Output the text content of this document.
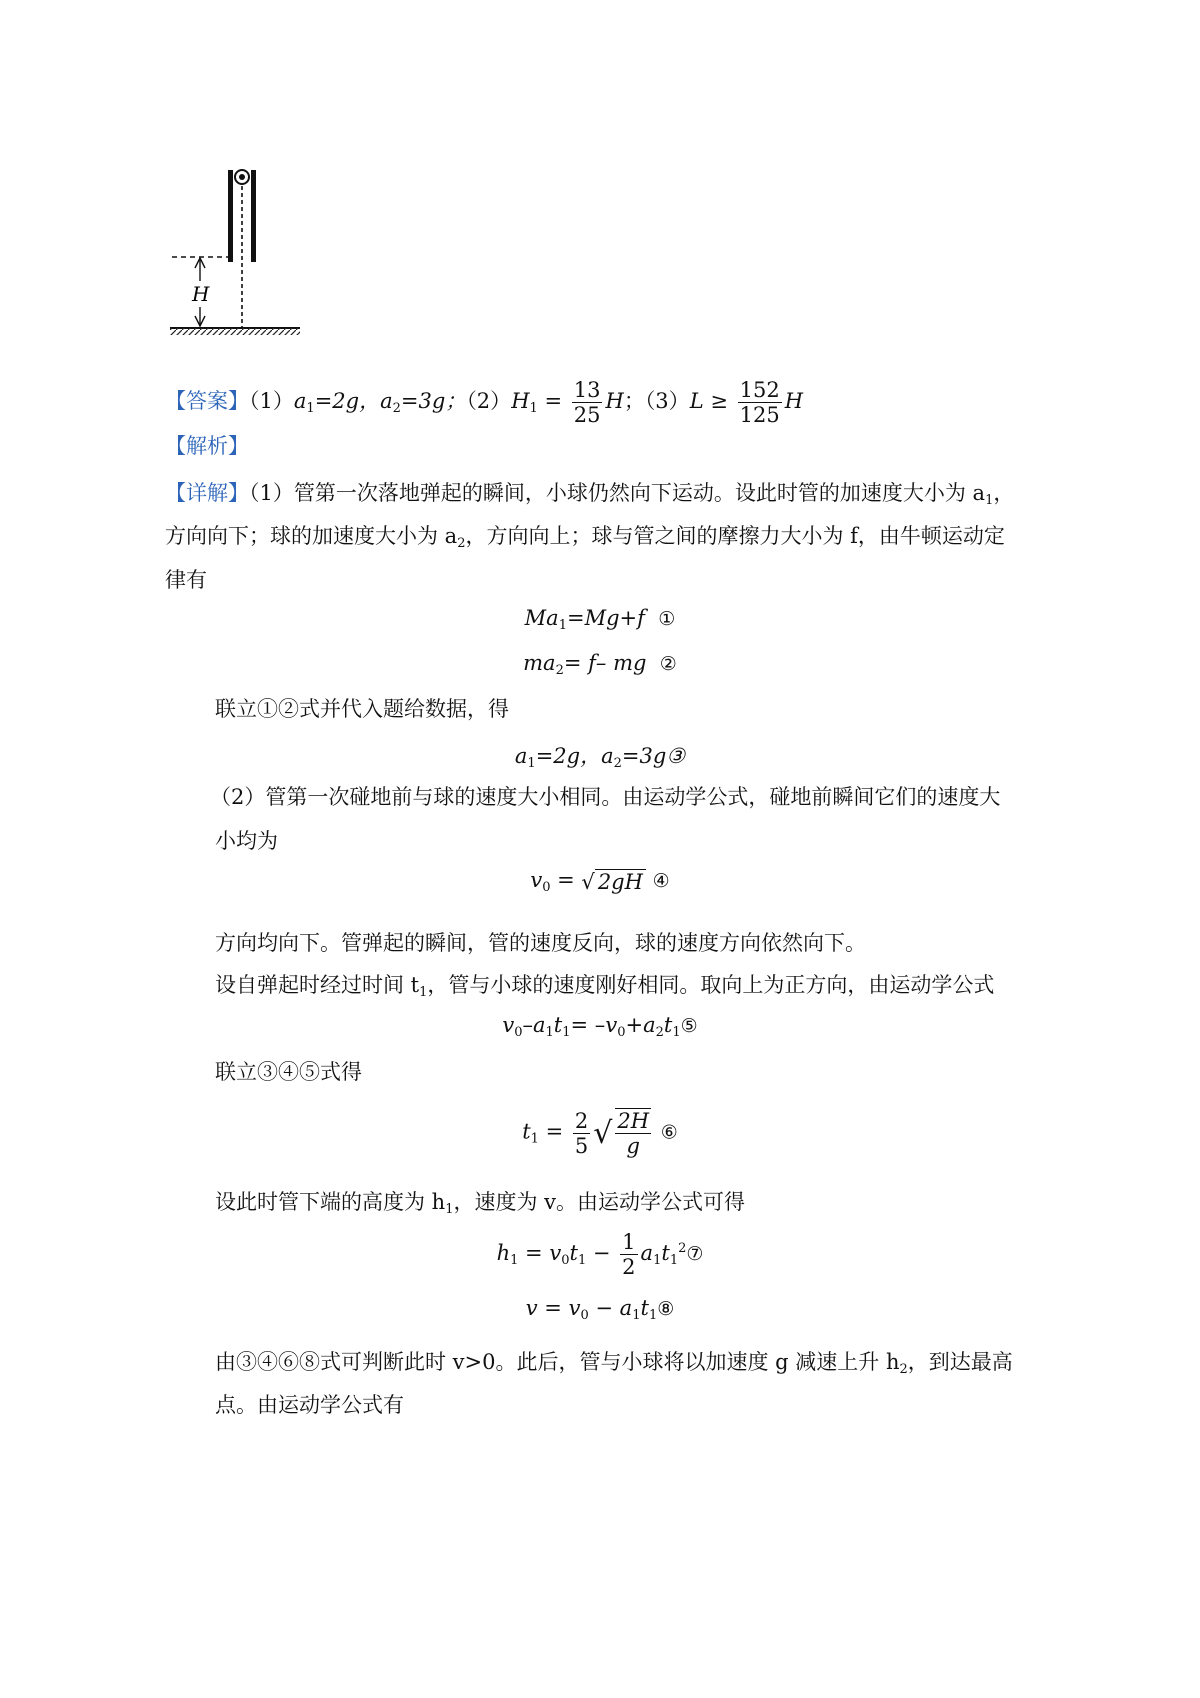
H
【答案】$(1)a_1=2g$，$a_2=3g$；$(2)H_1 = \frac{13}{25}$ H；$(3)L \ge \frac{152}{125}$ H
【解析】
【详解】（1）管第一次落地弹起的瞬间，小球仍然向下运动。设此时管的加速度大小为 $a_1$，
方向向下；球的加速度大小为 $a_2$，方向向上；球与管之间的摩擦力大小为 f，由牛顿运动定
律有
$Ma_1=Mg+f$ ①
$ma_2= f-$ mg ②
联立①②式并代入题给数据，得
$a_1=2g$，$a_2=3g③$
（2）管第一次碰地前与球的速度大小相同。由运动学公式，碰地前瞬间它们的速度大
小均为
$v_0$ = √ 2gH ④
方向均向下。管弹起的瞬间，管的速度反向，球的速度方向依然向下。
设自弹起时经过时间 $t_1$，管与小球的速度刚好相同。取向上为正方向，由运动学公式
$v_0-a_1t_1=$ $-v_0+a_2t_1⑤$
联立③④⑤式得
$t_1 = \frac{2}{5}$ √ $\frac{2H}{g}$ ⑥
设此时管下端的高度为 $h_1$，速度为 v。由运动学公式可得
$h_1 = v_0t_1 - \frac{1}{2}$ $a_1t_1^2⑦$
$v = v_0$ − $a_1t_1⑧$
由③④⑥⑧式可判断此时 v>0。此后，管与小球将以加速度 g 减速上升 $h_2$，到达最高
点。由运动学公式有
